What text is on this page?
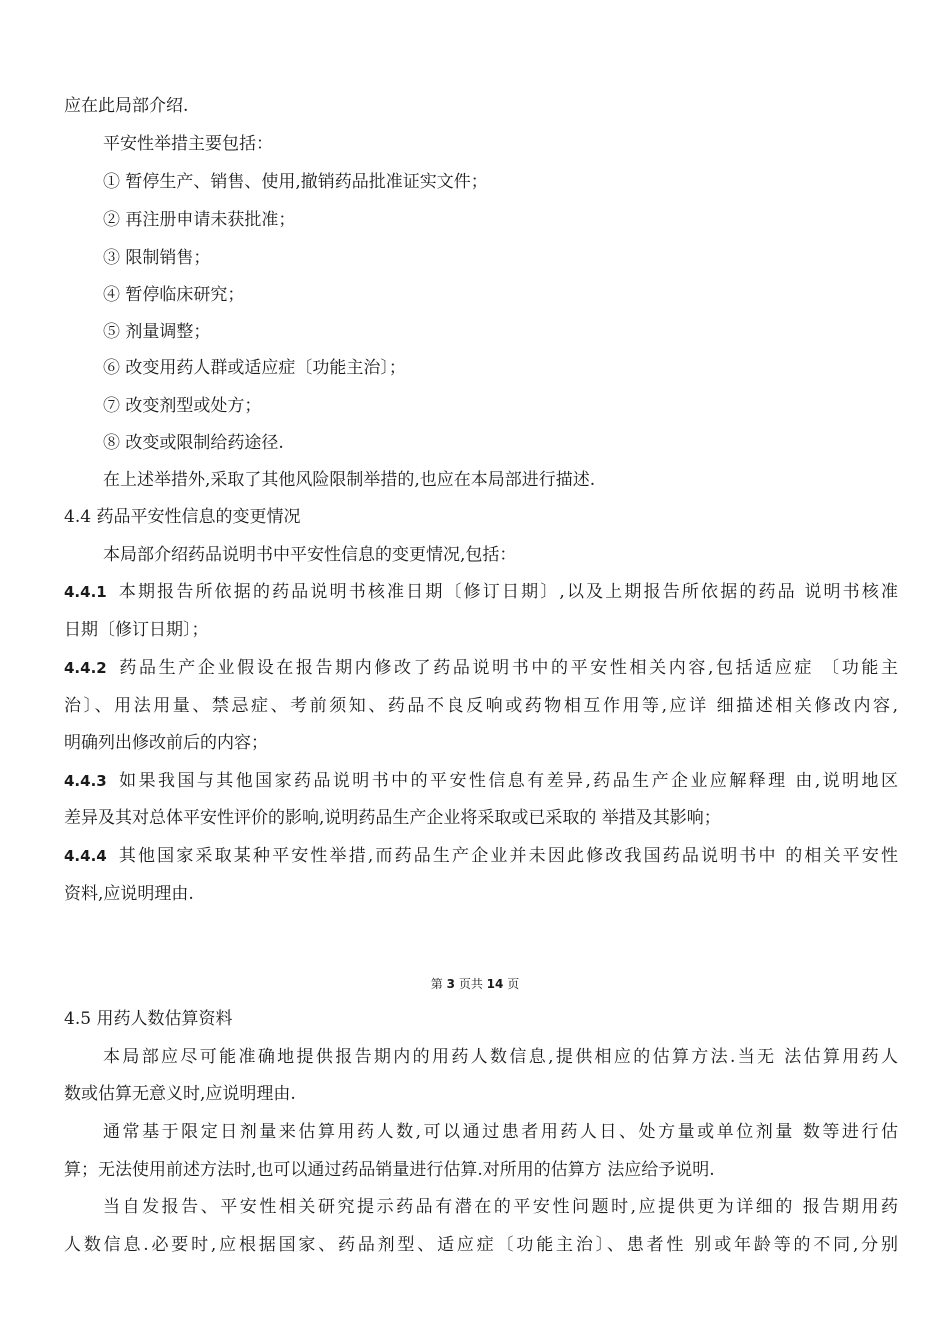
应在此局部介绍.
平安性举措主要包括：
① 暂停生产、销售、使用,撤销药品批准证实文件；
② 再注册申请未获批准；
③ 限制销售；
④ 暂停临床研究；
⑤ 剂量调整；
⑥ 改变用药人群或适应症〔功能主治〕；
⑦ 改变剂型或处方；
⑧ 改变或限制给药途径.
在上述举措外,采取了其他风险限制举措的,也应在本局部进行描述.
4.4 药品平安性信息的变更情况
本局部介绍药品说明书中平安性信息的变更情况,包括：
4.4.1 本期报告所依据的药品说明书核准日期〔修订日期〕,以及上期报告所依据的药品 说明书核准
日期〔修订日期〕；
4.4.2 药品生产企业假设在报告期内修改了药品说明书中的平安性相关内容,包括适应症 〔功能主
治〕、用法用量、禁忌症、考前须知、药品不良反响或药物相互作用等,应详 细描述相关修改内容,
明确列出修改前后的内容；
4.4.3 如果我国与其他国家药品说明书中的平安性信息有差异,药品生产企业应解释理 由,说明地区
差异及其对总体平安性评价的影响,说明药品生产企业将采取或已采取的 举措及其影响；
4.4.4 其他国家采取某种平安性举措,而药品生产企业并未因此修改我国药品说明书中 的相关平安性
资料,应说明理由.
第 3 页共 14 页
4.5 用药人数估算资料
本局部应尽可能准确地提供报告期内的用药人数信息,提供相应的估算方法.当无 法估算用药人
数或估算无意义时,应说明理由.
通常基于限定日剂量来估算用药人数,可以通过患者用药人日、处方量或单位剂量 数等进行估
算；无法使用前述方法时,也可以通过药品销量进行估算.对所用的估算方 法应给予说明.
当自发报告、平安性相关研究提示药品有潜在的平安性问题时,应提供更为详细的 报告期用药
人数信息.必要时,应根据国家、药品剂型、适应症〔功能主治〕、患者性 别或年龄等的不同,分别
